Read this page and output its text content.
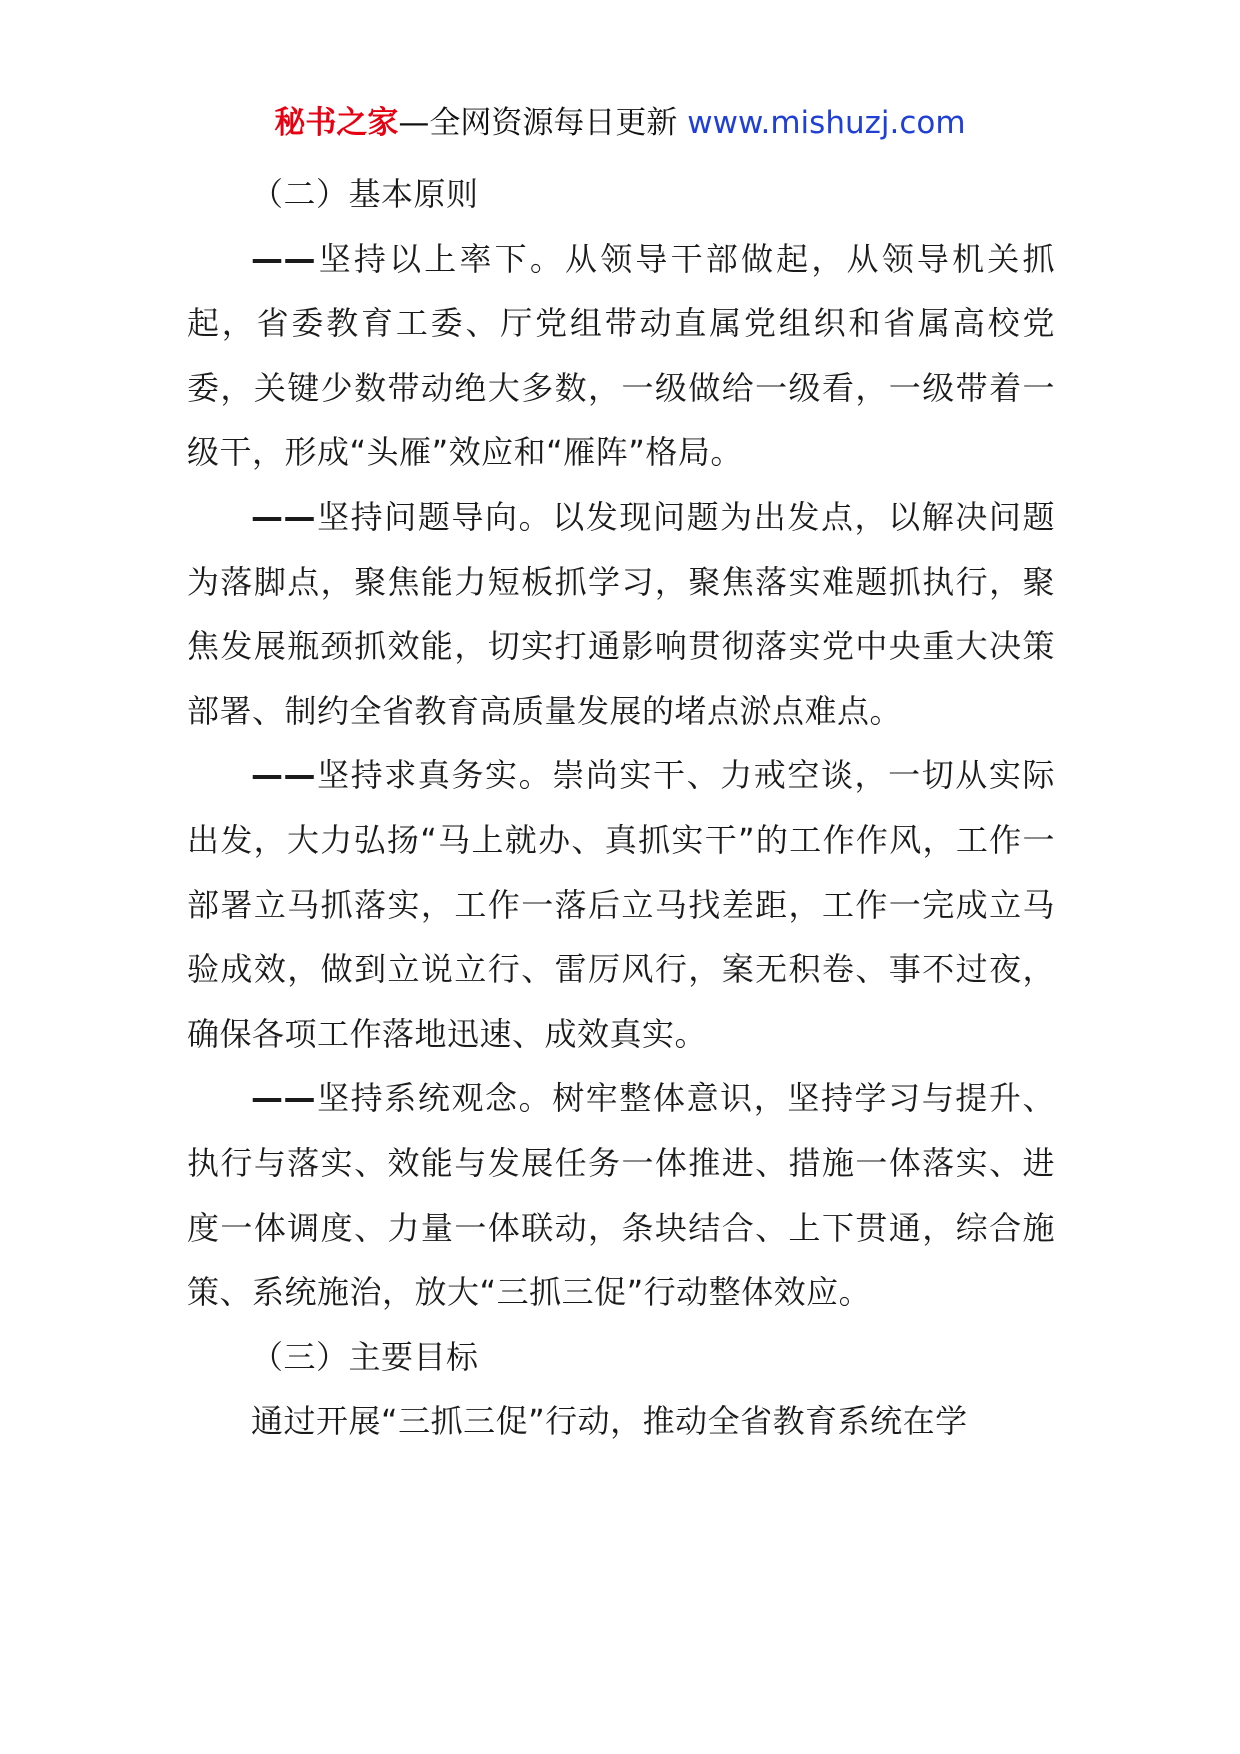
秘书之家—全网资源每日更新 www.mishuzj.com

（二）基本原则

——坚持以上率下。从领导干部做起，从领导机关抓起，省委教育工委、厅党组带动直属党组织和省属高校党委，关键少数带动绝大多数，一级做给一级看，一级带着一级干，形成“头雁”效应和“雁阵”格局。

——坚持问题导向。以发现问题为出发点，以解决问题为落脚点，聚焦能力短板抓学习，聚焦落实难题抓执行，聚焦发展瓶颈抓效能，切实打通影响贯彻落实党中央重大决策部署、制约全省教育高质量发展的堵点淤点难点。

——坚持求真务实。崇尚实干、力戒空谈，一切从实际出发，大力弘扬“马上就办、真抓实干”的工作作风，工作一部署立马抓落实，工作一落后立马找差距，工作一完成立马验成效，做到立说立行、雷厉风行，案无积卷、事不过夜，确保各项工作落地迅速、成效真实。

——坚持系统观念。树牢整体意识，坚持学习与提升、执行与落实、效能与发展任务一体推进、措施一体落实、进度一体调度、力量一体联动，条块结合、上下贯通，综合施策、系统施治，放大“三抓三促”行动整体效应。

（三）主要目标

通过开展“三抓三促”行动，推动全省教育系统在学
